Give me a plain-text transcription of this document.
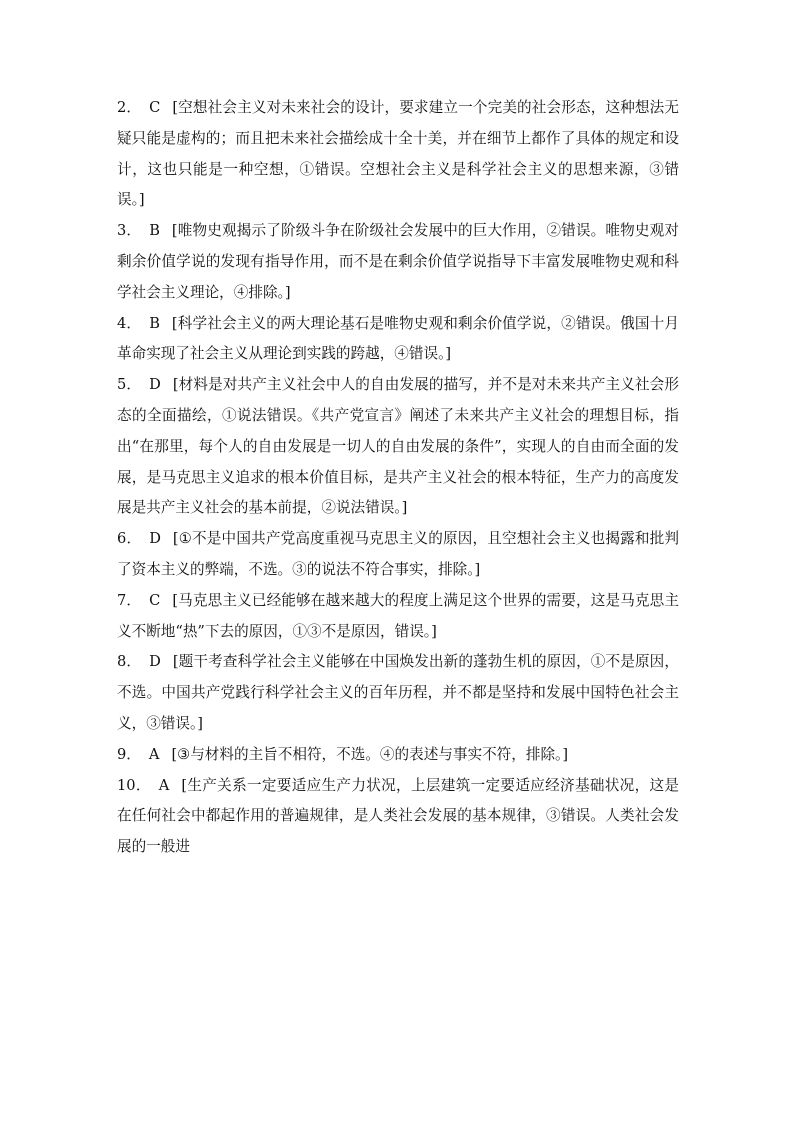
2． C [空想社会主义对未来社会的设计，要求建立一个完美的社会形态，这种想法无疑只能是虚构的；而且把未来社会描绘成十全十美，并在细节上都作了具体的规定和设计，这也只能是一种空想，①错误。空想社会主义是科学社会主义的思想来源，③错误。]

3． B [唯物史观揭示了阶级斗争在阶级社会发展中的巨大作用，②错误。唯物史观对剩余价值学说的发现有指导作用，而不是在剩余价值学说指导下丰富发展唯物史观和科学社会主义理论，④排除。]

4． B [科学社会主义的两大理论基石是唯物史观和剩余价值学说，②错误。俄国十月革命实现了社会主义从理论到实践的跨越，④错误。]

5． D [材料是对共产主义社会中人的自由发展的描写，并不是对未来共产主义社会形态的全面描绘，①说法错误。《共产党宣言》阐述了未来共产主义社会的理想目标，指出“在那里，每个人的自由发展是一切人的自由发展的条件”，实现人的自由而全面的发展，是马克思主义追求的根本价值目标，是共产主义社会的根本特征，生产力的高度发展是共产主义社会的基本前提，②说法错误。]

6． D [①不是中国共产党高度重视马克思主义的原因，且空想社会主义也揭露和批判了资本主义的弊端，不选。③的说法不符合事实，排除。]

7． C [马克思主义已经能够在越来越大的程度上满足这个世界的需要，这是马克思主义不断地“热”下去的原因，①③不是原因，错误。]

8． D [题干考查科学社会主义能够在中国焕发出新的蓬勃生机的原因，①不是原因，不选。中国共产党践行科学社会主义的百年历程，并不都是坚持和发展中国特色社会主义，③错误。]

9． A [③与材料的主旨不相符，不选。④的表述与事实不符，排除。]

10． A [生产关系一定要适应生产力状况，上层建筑一定要适应经济基础状况，这是在任何社会中都起作用的普遍规律，是人类社会发展的基本规律，③错误。人类社会发展的一般进
